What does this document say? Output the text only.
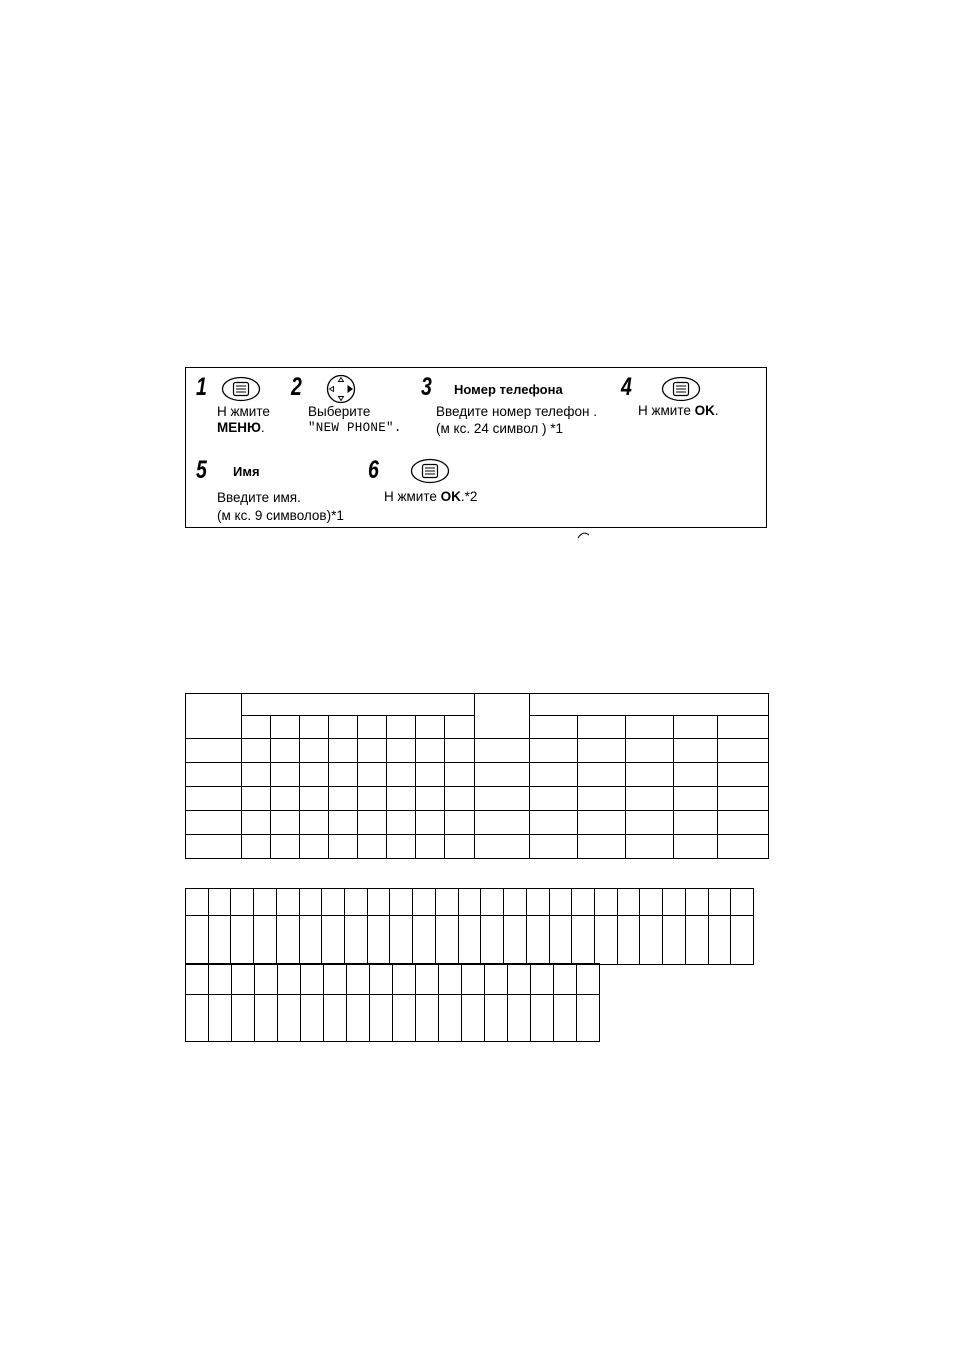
1
Н жмите
МЕНЮ.
2
Выберите
"NEW PHONE".
3 Номер телефона
Введите номер телефон .
(м кс. 24 символ ) *1
4
Н жмите OK.
5 Имя
Введите имя.
(м кс. 9 символов)*1
6
Н жмите OK.*2
